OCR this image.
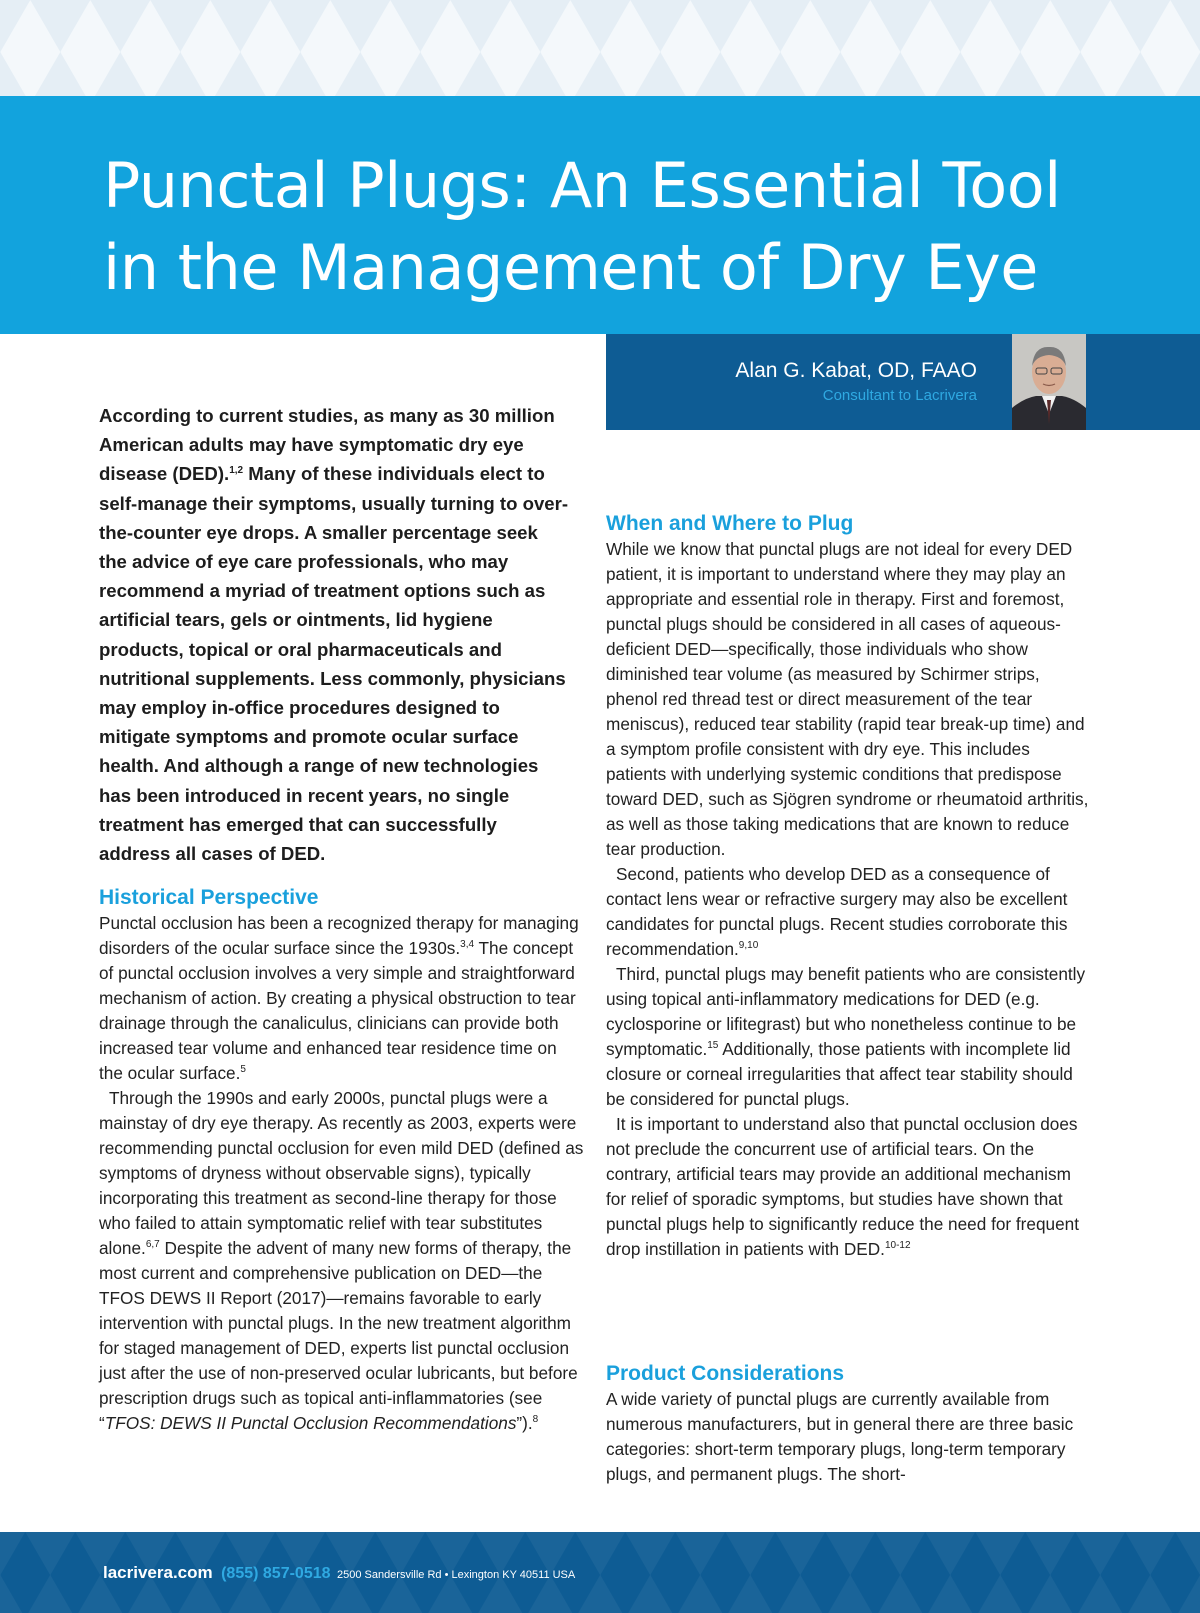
Punctal Plugs: An Essential Tool
in the Management of Dry Eye
Alan G. Kabat, OD, FAAO
Consultant to Lacrivera
According to current studies, as many as 30 million American adults may have symptomatic dry eye disease (DED).$^{1,2}$ Many of these individuals elect to self-manage their symptoms, usually turning to over-the-counter eye drops. A smaller percentage seek the advice of eye care professionals, who may recommend a myriad of treatment options such as artificial tears, gels or ointments, lid hygiene products, topical or oral pharmaceuticals and nutritional supplements. Less commonly, physicians may employ in-office procedures designed to mitigate symptoms and promote ocular surface health. And although a range of new technologies has been introduced in recent years, no single treatment has emerged that can successfully address all cases of DED.
Historical Perspective

Punctal occlusion has been a recognized therapy for managing disorders of the ocular surface since the 1930s.$^{3,4}$ The concept of punctal occlusion involves a very simple and straightforward mechanism of action. By creating a physical obstruction to tear drainage through the canaliculus, clinicians can provide both increased tear volume and enhanced tear residence time on the ocular surface.$^5$

Through the 1990s and early 2000s, punctal plugs were a mainstay of dry eye therapy. As recently as 2003, experts were recommending punctal occlusion for even mild DED (defined as symptoms of dryness without observable signs), typically incorporating this treatment as second-line therapy for those who failed to attain symptomatic relief with tear substitutes alone.$^{6,7}$ Despite the advent of many new forms of therapy, the most current and comprehensive publication on DED—the TFOS DEWS II Report (2017)—remains favorable to early intervention with punctal plugs. In the new treatment algorithm for staged management of DED, experts list punctal occlusion just after the use of non-preserved ocular lubricants, but before prescription drugs such as topical anti-inflammatories (see “TFOS: DEWS II Punctal Occlusion Recommendations”).$^8$

When and Where to Plug

While we know that punctal plugs are not ideal for every DED patient, it is important to understand where they may play an appropriate and essential role in therapy. First and foremost, punctal plugs should be considered in all cases of aqueous-deficient DED—specifically, those individuals who show diminished tear volume (as measured by Schirmer strips, phenol red thread test or direct measurement of the tear meniscus), reduced tear stability (rapid tear break-up time) and a symptom profile consistent with dry eye. This includes patients with underlying systemic conditions that predispose toward DED, such as Sjögren syndrome or rheumatoid arthritis, as well as those taking medications that are known to reduce tear production.

Second, patients who develop DED as a consequence of contact lens wear or refractive surgery may also be excellent candidates for punctal plugs. Recent studies corroborate this recommendation.$^{9,10}$

Third, punctal plugs may benefit patients who are consistently using topical anti-inflammatory medications for DED (e.g. cyclosporine or lifitegrast) but who nonetheless continue to be symptomatic.$^{15}$ Additionally, those patients with incomplete lid closure or corneal irregularities that affect tear stability should be considered for punctal plugs.

It is important to understand also that punctal occlusion does not preclude the concurrent use of artificial tears. On the contrary, artificial tears may provide an additional mechanism for relief of sporadic symptoms, but studies have shown that punctal plugs help to significantly reduce the need for frequent drop instillation in patients with DED.$^{10-12}$

Product Considerations

A wide variety of punctal plugs are currently available from numerous manufacturers, but in general there are three basic categories: short-term temporary plugs, long-term temporary plugs, and permanent plugs. The short-

lacrivera.com (855) 857-0518 2500 Sandersville Rd • Lexington KY 40511 USA
